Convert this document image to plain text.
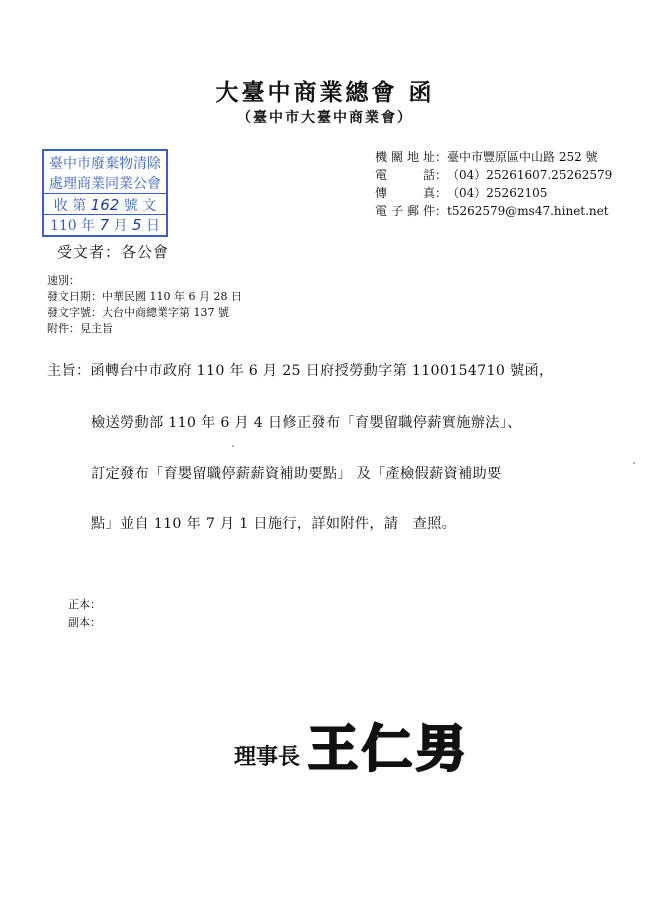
大臺中商業總會 函
（臺中市大臺中商業會）
臺中市廢棄物清除
處理商業同業公會
收 第 162 號 文
110 年 7 月 5 日
機關地址 ： 臺中市豐原區中山路 252 號
電　　話 ： （04）25261607.25262579
傳　　真 ： （04）25262105
電子郵件 ： t5262579@ms47.hinet.net
受文者：各公會
速別：
發文日期：中華民國 110 年 6 月 28 日
發文字號：大台中商總業字第 137 號
附件：見主旨
主旨：函轉台中市政府 110 年 6 月 25 日府授勞動字第 1100154710 號函，
檢送勞動部 110 年 6 月 4 日修正發布「育嬰留職停薪實施辦法」、
訂定發布「育嬰留職停薪薪資補助要點」 及「產檢假薪資補助要
點」並自 110 年 7 月 1 日施行，詳如附件，請　查照。
正本：
副本：
理事長 王仁男
